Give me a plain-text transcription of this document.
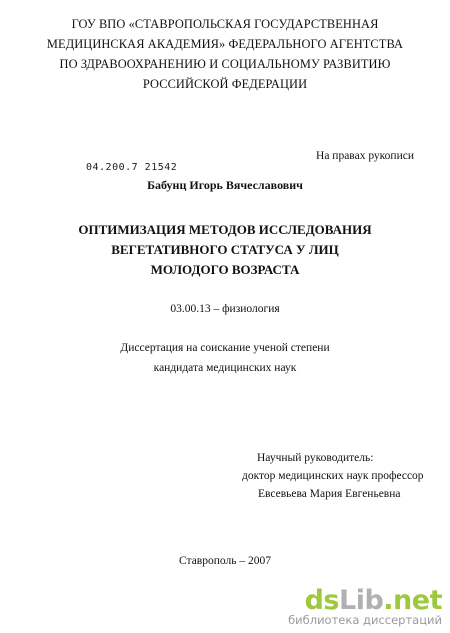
ГОУ ВПО «СТАВРОПОЛЬСКАЯ ГОСУДАРСТВЕННАЯ
МЕДИЦИНСКАЯ АКАДЕМИЯ» ФЕДЕРАЛЬНОГО АГЕНТСТВА
ПО ЗДРАВООХРАНЕНИЮ И СОЦИАЛЬНОМУ РАЗВИТИЮ
РОССИЙСКОЙ ФЕДЕРАЦИИ
На правах рукописи
04.200.7 21542
Бабунц Игорь Вячеславович
ОПТИМИЗАЦИЯ МЕТОДОВ ИССЛЕДОВАНИЯ
ВЕГЕТАТИВНОГО СТАТУСА У ЛИЦ
МОЛОДОГО ВОЗРАСТА
03.00.13 – физиология
Диссертация на соискание ученой степени
кандидата медицинских наук
Научный руководитель:
доктор медицинских наук профессор
Евсевьева Мария Евгеньевна
Ставрополь – 2007
dsLib.net
библиотека диссертаций
